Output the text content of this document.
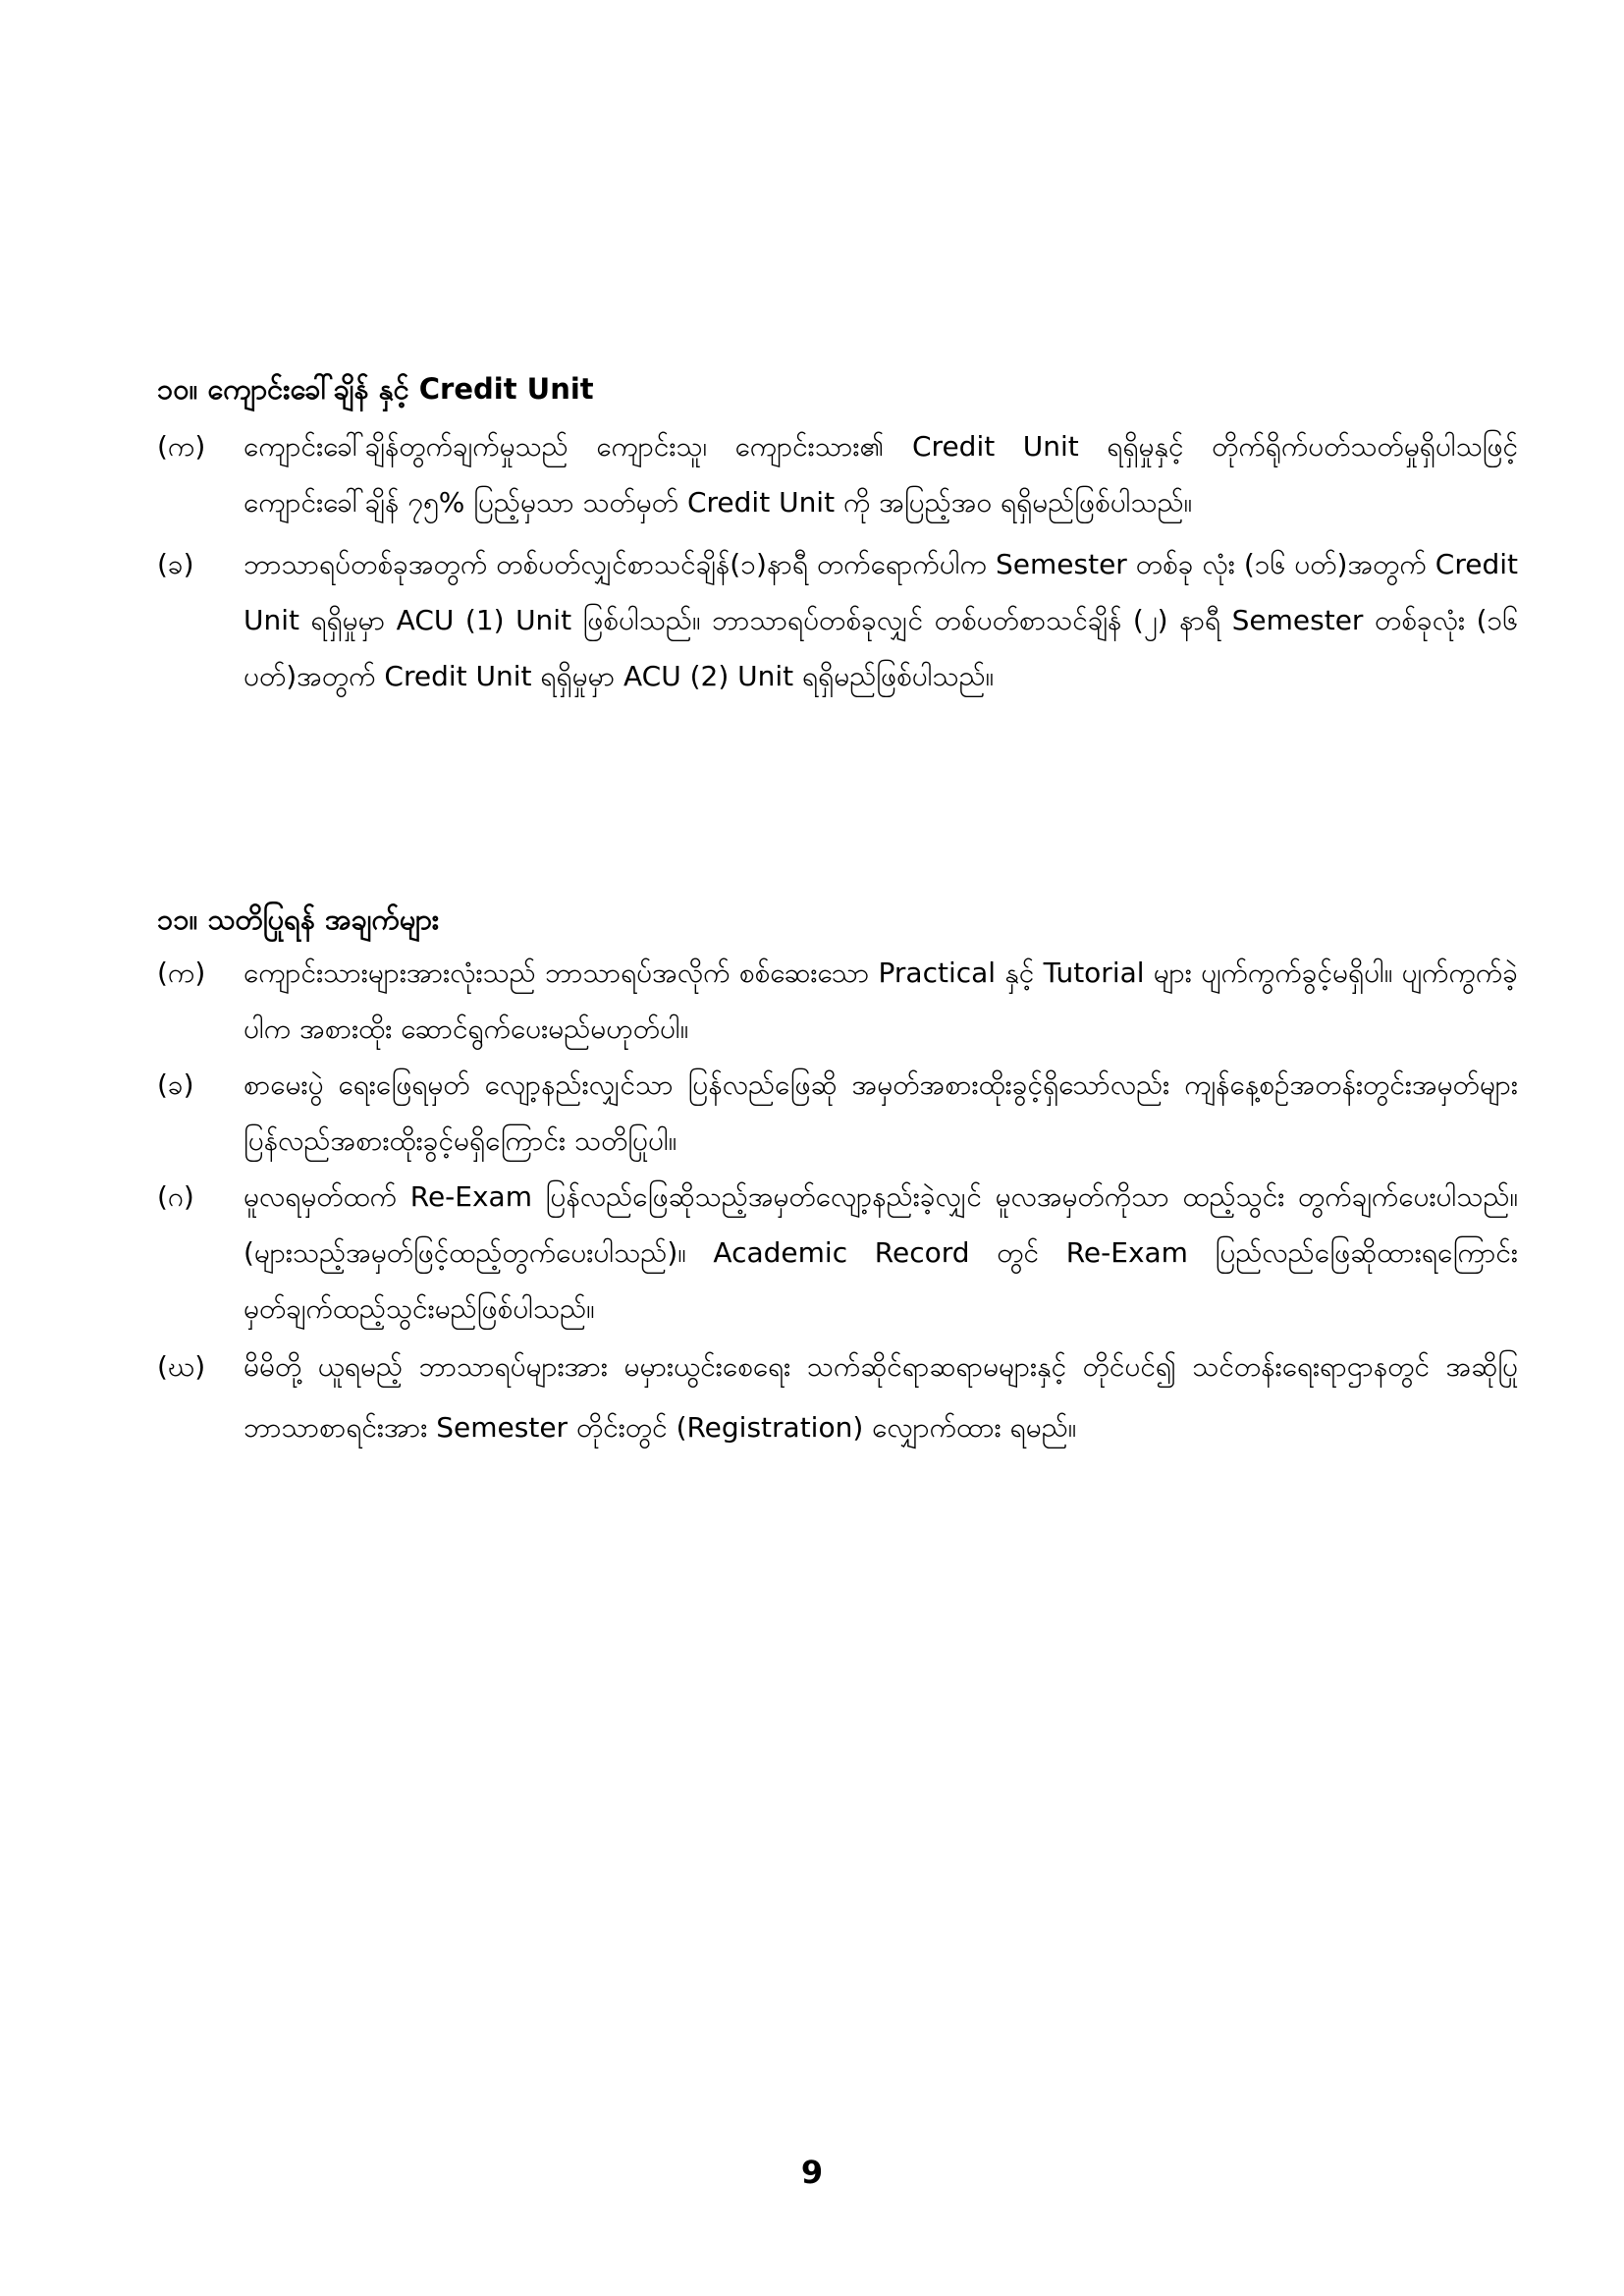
၁၀။ ကျောင်းခေါ်ချိန် နှင့် Credit Unit
(က)	ကျောင်းခေါ်ချိန်တွက်ချက်မှုသည် ကျောင်းသူ၊ ကျောင်းသား၏ Credit Unit ရရှိမှုနှင့် တိုက်ရိုက်ပတ်သတ်မှုရှိပါသဖြင့် ကျောင်းခေါ်ချိန် ၇၅% ပြည့်မှသာ သတ်မှတ် Credit Unit ကို အပြည့်အဝ ရရှိမည်ဖြစ်ပါသည်။
(ခ)	ဘာသာရပ်တစ်ခုအတွက် တစ်ပတ်လျှင်စာသင်ချိန်(၁)နာရီ တက်ရောက်ပါက Semester တစ်ခု လုံး (၁၆ ပတ်)အတွက် Credit Unit ရရှိမှုမှာ ACU (1) Unit ဖြစ်ပါသည်။ ဘာသာရပ်တစ်ခုလျှင် တစ်ပတ်စာသင်ချိန် (၂) နာရီ Semester တစ်ခုလုံး (၁၆ ပတ်)အတွက် Credit Unit ရရှိမှုမှာ ACU (2) Unit ရရှိမည်ဖြစ်ပါသည်။
၁၁။ သတိပြုရန် အချက်များ
(က)	ကျောင်းသားများအားလုံးသည် ဘာသာရပ်အလိုက် စစ်ဆေးသော Practical နှင့် Tutorial များ ပျက်ကွက်ခွင့်မရှိပါ။ ပျက်ကွက်ခဲ့ပါက အစားထိုး ဆောင်ရွက်ပေးမည်မဟုတ်ပါ။
(ခ)	စာမေးပွဲ ရေးဖြေရမှတ် လျော့နည်းလျှင်သာ ပြန်လည်ဖြေဆို အမှတ်အစားထိုးခွင့်ရှိသော်လည်း ကျန်နေ့စဉ်အတန်းတွင်းအမှတ်များ ပြန်လည်အစားထိုးခွင့်မရှိကြောင်း သတိပြုပါ။
(ဂ)	မူလရမှတ်ထက် Re-Exam ပြန်လည်ဖြေဆိုသည့်အမှတ်လျော့နည်းခဲ့လျှင် မူလအမှတ်ကိုသာ ထည့်သွင်း တွက်ချက်ပေးပါသည်။ (များသည့်အမှတ်ဖြင့်ထည့်တွက်ပေးပါသည်)။ Academic Record တွင် Re-Exam ပြည်လည်ဖြေဆိုထားရကြောင်း မှတ်ချက်ထည့်သွင်းမည်ဖြစ်ပါသည်။
(ဃ)	မိမိတို့ ယူရမည့် ဘာသာရပ်များအား မမှားယွင်းစေရေး သက်ဆိုင်ရာဆရာမများနှင့် တိုင်ပင်၍ သင်တန်းရေးရာဌာနတွင် အဆိုပြုဘာသာစာရင်းအား Semester တိုင်းတွင် (Registration) လျှောက်ထား ရမည်။
9
